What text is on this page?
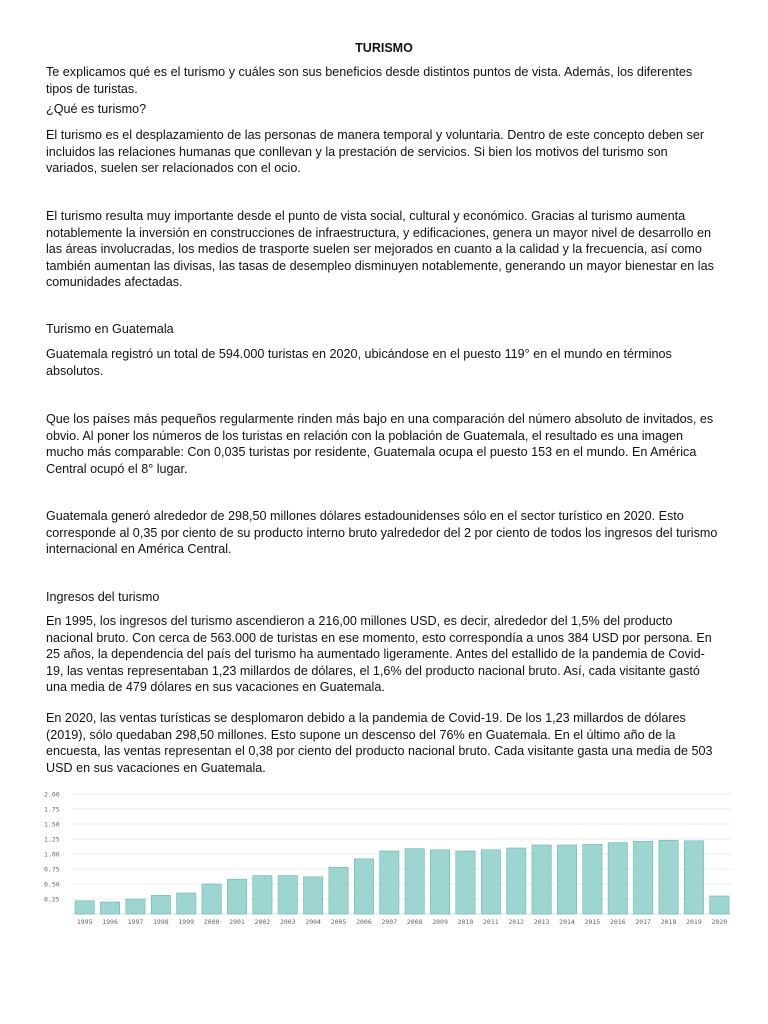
TURISMO

Te explicamos qué es el turismo y cuáles son sus beneficios desde distintos puntos de vista. Además, los diferentes tipos de turistas.

¿Qué es turismo?

El turismo es el desplazamiento de las personas de manera temporal y voluntaria. Dentro de este concepto deben ser incluidos las relaciones humanas que conllevan y la prestación de servicios. Si bien los motivos del turismo son variados, suelen ser relacionados con el ocio.

El turismo resulta muy importante desde el punto de vista social, cultural y económico. Gracias al turismo aumenta notablemente la inversión en construcciones de infraestructura, y edificaciones, genera un mayor nivel de desarrollo en las áreas involucradas, los medios de trasporte suelen ser mejorados en cuanto a la calidad y la frecuencia, así como también aumentan las divisas, las tasas de desempleo disminuyen notablemente, generando un mayor bienestar en las comunidades afectadas.

Turismo en Guatemala

Guatemala registró un total de 594.000 turistas en 2020, ubicándose en el puesto 119° en el mundo en términos absolutos.

Que los países más pequeños regularmente rinden más bajo en una comparación del número absoluto de invitados, es obvio. Al poner los números de los turistas en relación con la población de Guatemala, el resultado es una imagen mucho más comparable: Con 0,035 turistas por residente, Guatemala ocupa el puesto 153 en el mundo. En América Central ocupó el 8° lugar.

Guatemala generó alrededor de 298,50 millones dólares estadounidenses sólo en el sector turístico en 2020. Esto corresponde al 0,35 por ciento de su producto interno bruto yalrededor del 2 por ciento de todos los ingresos del turismo internacional en América Central.

Ingresos del turismo

En 1995, los ingresos del turismo ascendieron a 216,00 millones USD, es decir, alrededor del 1,5% del producto nacional bruto. Con cerca de 563.000 de turistas en ese momento, esto correspondía a unos 384 USD por persona. En 25 años, la dependencia del país del turismo ha aumentado ligeramente. Antes del estallido de la pandemia de Covid-19, las ventas representaban 1,23 millardos de dólares, el 1,6% del producto nacional bruto. Así, cada visitante gastó una media de 479 dólares en sus vacaciones en Guatemala.

En 2020, las ventas turísticas se desplomaron debido a la pandemia de Covid-19. De los 1,23 millardos de dólares (2019), sólo quedaban 298,50 millones. Esto supone un descenso del 76% en Guatemala. En el último año de la encuesta, las ventas representan el 0,38 por ciento del producto nacional bruto. Cada visitante gasta una media de 503 USD en sus vacaciones en Guatemala.

0.25
0.50
0.75
1.00
1.25
1.50
1.75
2.00
1995 1996 1997 1998 1999 2000 2001 2002 2003 2004 2005 2006 2007 2008 2009 2010 2011 2012 2013 2014 2015 2016 2017 2018 2019 2020
